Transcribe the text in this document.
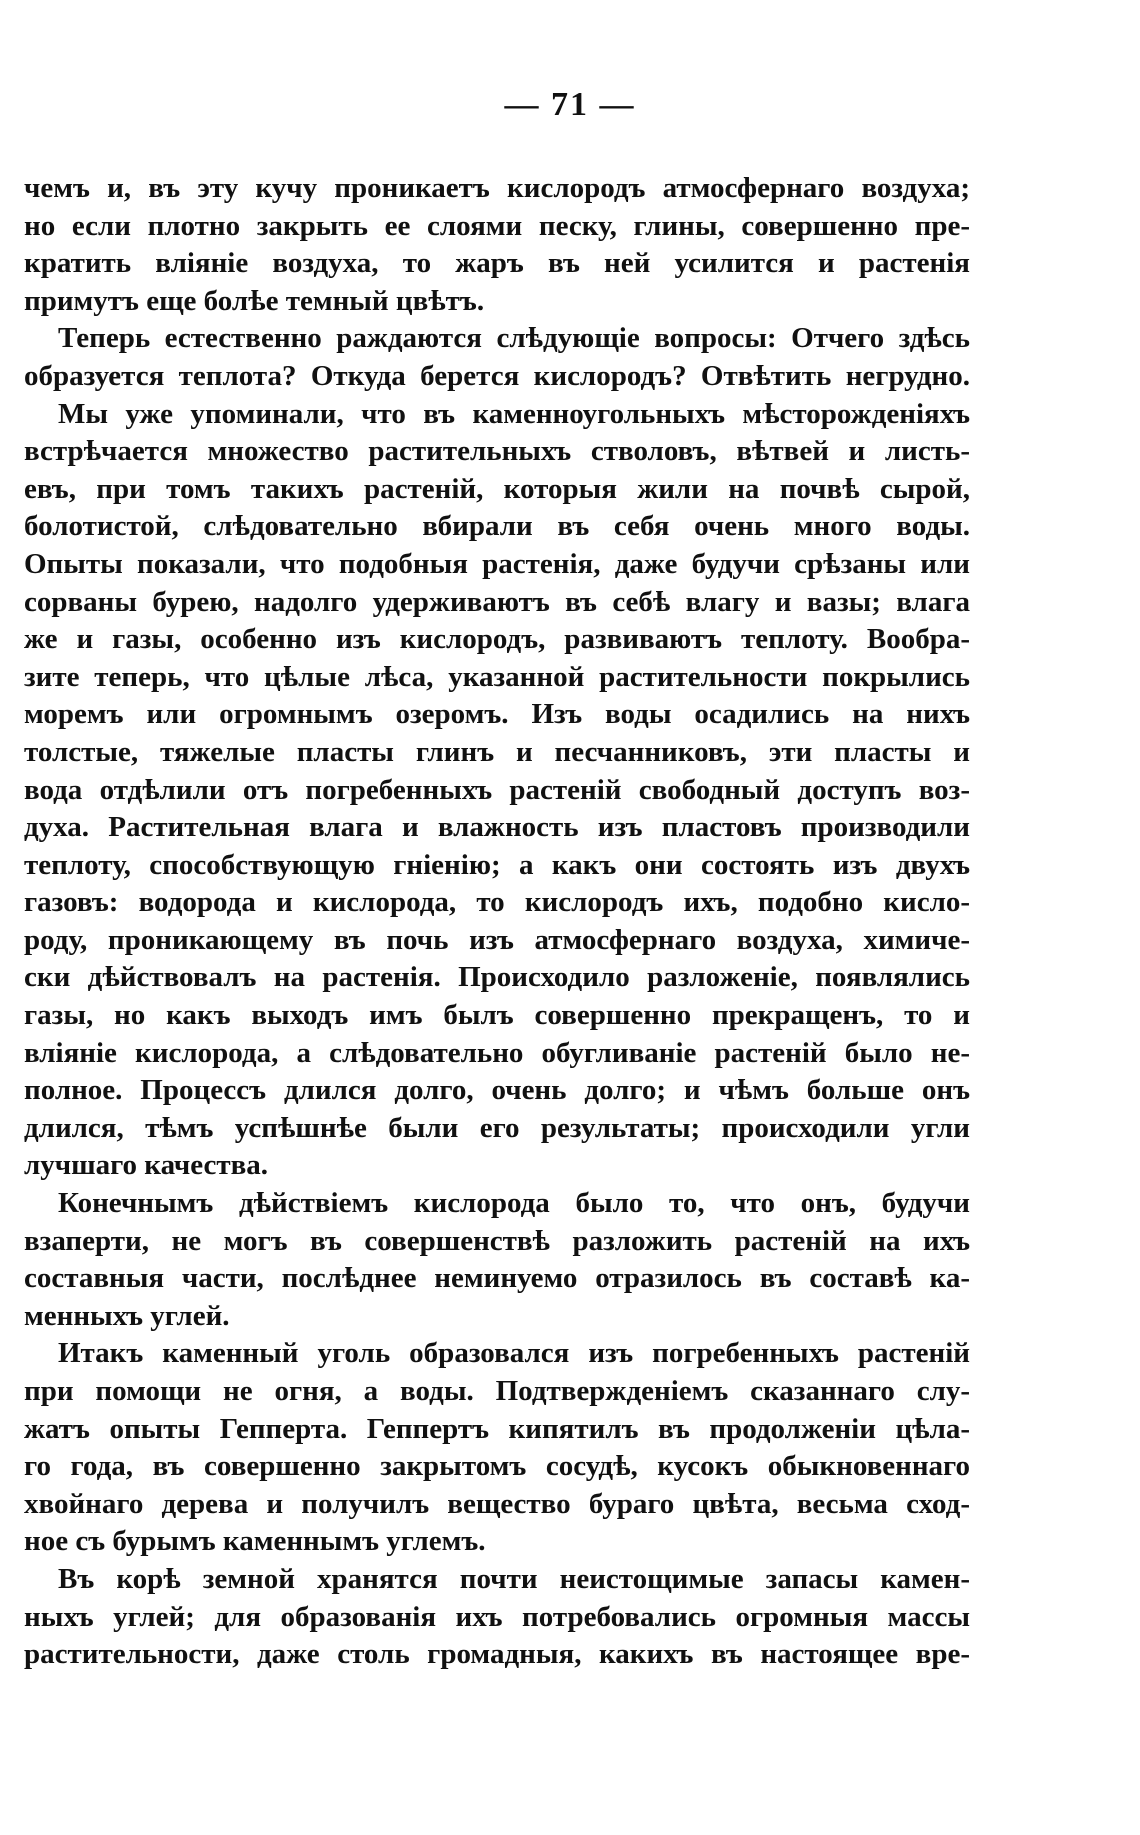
— 71 —
чемъ и, въ эту кучу проникаетъ кислородъ атмосфернаго воздуха;
но если плотно закрыть ее слоями песку, глины, совершенно пре-
кратить вліяніе воздуха, то жаръ въ ней усилится и растенія
примутъ еще болѣе темный цвѣтъ.
Теперь естественно раждаются слѣдующіе вопросы: Отчего здѣсь
образуется теплота? Откуда берется кислородъ? Отвѣтить негрудно.
Мы уже упоминали, что въ каменноугольныхъ мѣсторожденіяхъ
встрѣчается множество растительныхъ стволовъ, вѣтвей и листь-
евъ, при томъ такихъ растеній, которыя жили на почвѣ сырой,
болотистой, слѣдовательно вбирали въ себя очень много воды.
Опыты показали, что подобныя растенія, даже будучи срѣзаны или
сорваны бурею, надолго удерживаютъ въ себѣ влагу и вазы; влага
же и газы, особенно изъ кислородъ, развиваютъ теплоту. Вообра-
зите теперь, что цѣлые лѣса, указанной растительности покрылись
моремъ или огромнымъ озеромъ. Изъ воды осадились на нихъ
толстые, тяжелые пласты глинъ и песчанниковъ, эти пласты и
вода отдѣлили отъ погребенныхъ растеній свободный доступъ воз-
духа. Растительная влага и влажность изъ пластовъ производили
теплоту, способствующую гніенію; а какъ они состоять изъ двухъ
газовъ: водорода и кислорода, то кислородъ ихъ, подобно кисло-
роду, проникающему въ почь изъ атмосфернаго воздуха, химиче-
ски дѣйствовалъ на растенія. Происходило разложеніе, появлялись
газы, но какъ выходъ имъ былъ совершенно прекращенъ, то и
вліяніе кислорода, а слѣдовательно обугливаніе растеній было не-
полное. Процессъ длился долго, очень долго; и чѣмъ больше онъ
длился, тѣмъ успѣшнѣе были его результаты; происходили угли
лучшаго качества.
Конечнымъ дѣйствіемъ кислорода было то, что онъ, будучи
взаперти, не могъ въ совершенствѣ разложить растеній на ихъ
составныя части, послѣднее неминуемо отразилось въ составѣ ка-
менныхъ углей.
Итакъ каменный уголь образовался изъ погребенныхъ растеній
при помощи не огня, а воды. Подтвержденіемъ сказаннаго слу-
жатъ опыты Гепперта. Геппертъ кипятилъ въ продолженіи цѣла-
го года, въ совершенно закрытомъ сосудѣ, кусокъ обыкновеннаго
хвойнаго дерева и получилъ вещество бураго цвѣта, весьма сход-
ное съ бурымъ каменнымъ углемъ.
Въ корѣ земной хранятся почти неистощимые запасы камен-
ныхъ углей; для образованія ихъ потребовались огромныя массы
растительности, даже столь громадныя, какихъ въ настоящее вре-
